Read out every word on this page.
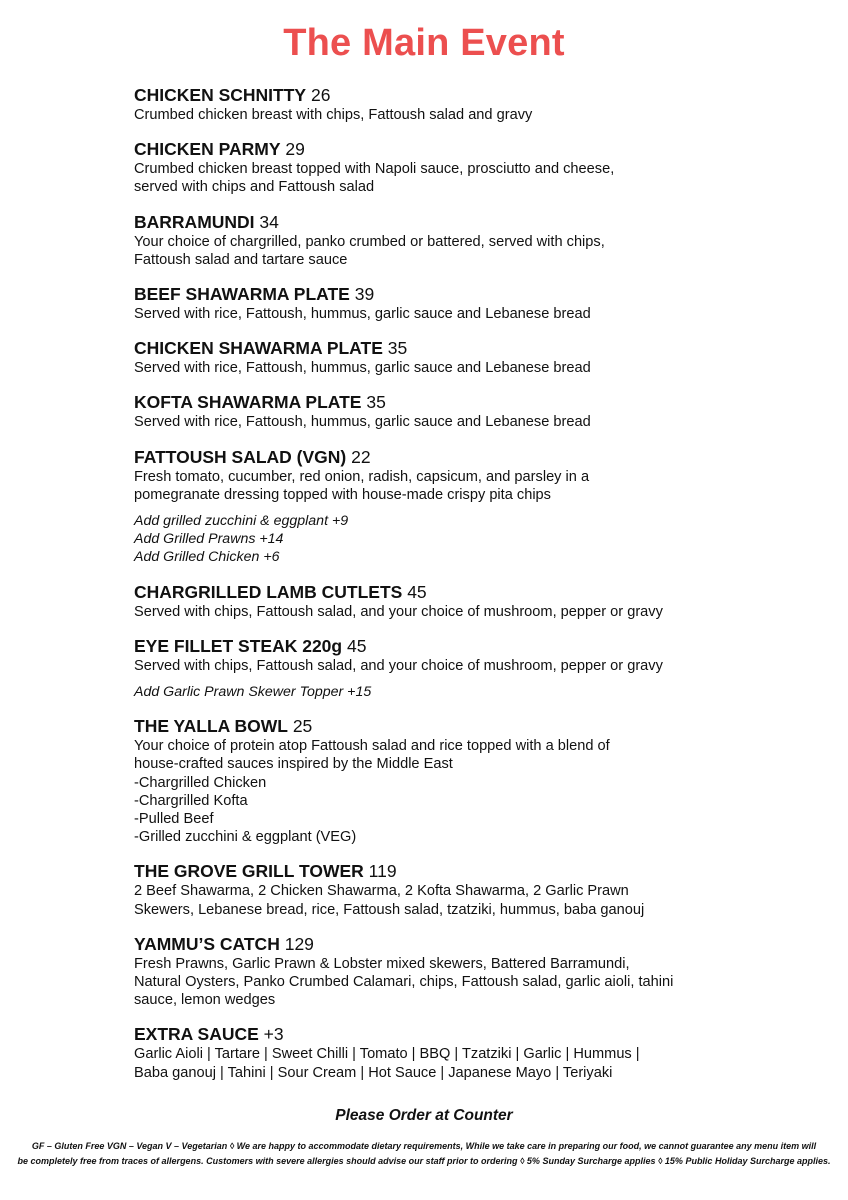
The Main Event
CHICKEN SCHNITTY 26
Crumbed chicken breast with chips, Fattoush salad and gravy
CHICKEN PARMY 29
Crumbed chicken breast topped with Napoli sauce, prosciutto and cheese,
served with chips and Fattoush salad
BARRAMUNDI 34
Your choice of chargrilled, panko crumbed or battered, served with chips,
Fattoush salad and tartare sauce
BEEF SHAWARMA PLATE 39
Served with rice, Fattoush, hummus, garlic sauce and Lebanese bread
CHICKEN SHAWARMA PLATE 35
Served with rice, Fattoush, hummus, garlic sauce and Lebanese bread
KOFTA SHAWARMA PLATE 35
Served with rice, Fattoush, hummus, garlic sauce and Lebanese bread
FATTOUSH SALAD (VGN) 22
Fresh tomato, cucumber, red onion, radish, capsicum, and parsley in a
pomegranate dressing topped with house-made crispy pita chips
Add grilled zucchini & eggplant +9
Add Grilled Prawns +14
Add Grilled Chicken +6
CHARGRILLED LAMB CUTLETS 45
Served with chips, Fattoush salad, and your choice of mushroom, pepper or gravy
EYE FILLET STEAK 220g 45
Served with chips, Fattoush salad, and your choice of mushroom, pepper or gravy
Add Garlic Prawn Skewer Topper +15
THE YALLA BOWL 25
Your choice of protein atop Fattoush salad and rice topped with a blend of
house-crafted sauces inspired by the Middle East
-Chargrilled Chicken
-Chargrilled Kofta
-Pulled Beef
-Grilled zucchini & eggplant (VEG)
THE GROVE GRILL TOWER 119
2 Beef Shawarma, 2 Chicken Shawarma, 2 Kofta Shawarma, 2 Garlic Prawn
Skewers, Lebanese bread, rice, Fattoush salad, tzatziki, hummus, baba ganouj
YAMMU’S CATCH 129
Fresh Prawns, Garlic Prawn & Lobster mixed skewers, Battered Barramundi,
Natural Oysters, Panko Crumbed Calamari, chips, Fattoush salad, garlic aioli, tahini
sauce, lemon wedges
EXTRA SAUCE +3
Garlic Aioli | Tartare | Sweet Chilli | Tomato | BBQ | Tzatziki | Garlic | Hummus |
Baba ganouj | Tahini | Sour Cream | Hot Sauce | Japanese Mayo | Teriyaki
Please Order at Counter
GF – Gluten Free VGN – Vegan V – Vegetarian ◊ We are happy to accommodate dietary requirements, While we take care in preparing our food, we cannot guarantee any menu item will
be completely free from traces of allergens. Customers with severe allergies should advise our staff prior to ordering ◊ 5% Sunday Surcharge applies ◊ 15% Public Holiday Surcharge applies.
